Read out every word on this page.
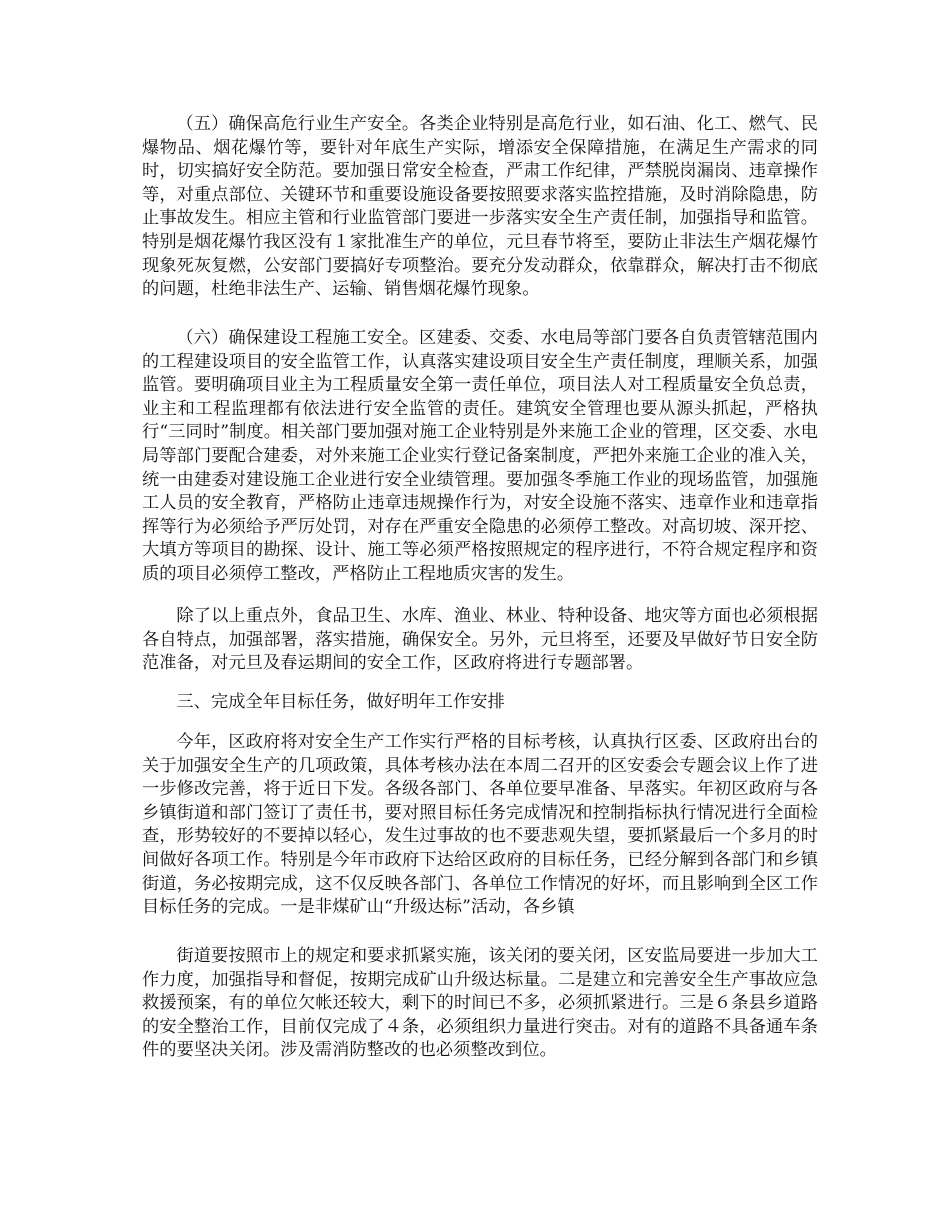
（五）确保高危行业生产安全。各类企业特别是高危行业，如石油、化工、燃气、民爆物品、烟花爆竹等，要针对年底生产实际，增添安全保障措施，在满足生产需求的同时，切实搞好安全防范。要加强日常安全检查，严肃工作纪律，严禁脱岗漏岗、违章操作等，对重点部位、关键环节和重要设施设备要按照要求落实监控措施，及时消除隐患，防止事故发生。相应主管和行业监管部门要进一步落实安全生产责任制，加强指导和监管。特别是烟花爆竹我区没有１家批准生产的单位，元旦春节将至，要防止非法生产烟花爆竹现象死灰复燃，公安部门要搞好专项整治。要充分发动群众，依靠群众，解决打击不彻底的问题，杜绝非法生产、运输、销售烟花爆竹现象。

（六）确保建设工程施工安全。区建委、交委、水电局等部门要各自负责管辖范围内的工程建设项目的安全监管工作，认真落实建设项目安全生产责任制度，理顺关系，加强监管。要明确项目业主为工程质量安全第一责任单位，项目法人对工程质量安全负总责，业主和工程监理都有依法进行安全监管的责任。建筑安全管理也要从源头抓起，严格执行“三同时”制度。相关部门要加强对施工企业特别是外来施工企业的管理，区交委、水电局等部门要配合建委，对外来施工企业实行登记备案制度，严把外来施工企业的准入关，统一由建委对建设施工企业进行安全业绩管理。要加强冬季施工作业的现场监管，加强施工人员的安全教育，严格防止违章违规操作行为，对安全设施不落实、违章作业和违章指挥等行为必须给予严厉处罚，对存在严重安全隐患的必须停工整改。对高切坡、深开挖、大填方等项目的勘探、设计、施工等必须严格按照规定的程序进行，不符合规定程序和资质的项目必须停工整改，严格防止工程地质灾害的发生。

除了以上重点外，食品卫生、水库、渔业、林业、特种设备、地灾等方面也必须根据各自特点，加强部署，落实措施，确保安全。另外，元旦将至，还要及早做好节日安全防范准备，对元旦及春运期间的安全工作，区政府将进行专题部署。

三、完成全年目标任务，做好明年工作安排

今年，区政府将对安全生产工作实行严格的目标考核，认真执行区委、区政府出台的关于加强安全生产的几项政策，具体考核办法在本周二召开的区安委会专题会议上作了进一步修改完善，将于近日下发。各级各部门、各单位要早准备、早落实。年初区政府与各乡镇街道和部门签订了责任书，要对照目标任务完成情况和控制指标执行情况进行全面检查，形势较好的不要掉以轻心，发生过事故的也不要悲观失望，要抓紧最后一个多月的时间做好各项工作。特别是今年市政府下达给区政府的目标任务，已经分解到各部门和乡镇街道，务必按期完成，这不仅反映各部门、各单位工作情况的好坏，而且影响到全区工作目标任务的完成。一是非煤矿山“升级达标”活动，各乡镇

街道要按照市上的规定和要求抓紧实施，该关闭的要关闭，区安监局要进一步加大工作力度，加强指导和督促，按期完成矿山升级达标量。二是建立和完善安全生产事故应急救援预案，有的单位欠帐还较大，剩下的时间已不多，必须抓紧进行。三是６条县乡道路的安全整治工作，目前仅完成了４条，必须组织力量进行突击。对有的道路不具备通车条件的要坚决关闭。涉及需消防整改的也必须整改到位。
